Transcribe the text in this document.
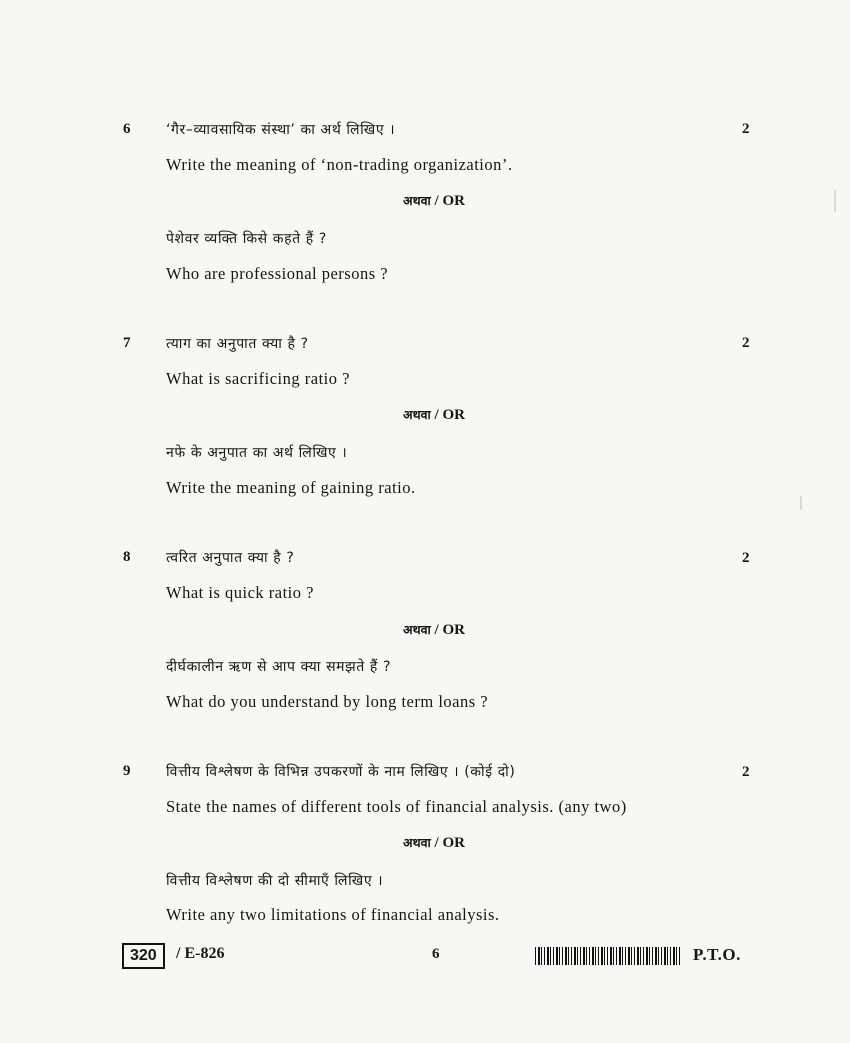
6	2
‘गैर–व्यावसायिक संस्था’ का अर्थ लिखिए ।
Write the meaning of ‘non-trading organization’.
अथवा / OR
पेशेवर व्यक्ति किसे कहते हैं ?
Who are professional persons ?
7	2
त्याग का अनुपात क्या है ?
What is sacrificing ratio ?
अथवा / OR
नफे के अनुपात का अर्थ लिखिए ।
Write the meaning of gaining ratio.
8	2
त्वरित अनुपात क्या है ?
What is quick ratio ?
अथवा / OR
दीर्घकालीन ऋण से आप क्या समझते हैं ?
What do you understand by long term loans ?
9	2
वित्तीय विश्लेषण के विभिन्न उपकरणों के नाम लिखिए । (कोई दो)
State the names of different tools of financial analysis. (any two)
अथवा / OR
वित्तीय विश्लेषण की दो सीमाएँ लिखिए ।
Write any two limitations of financial analysis.
320	/ E-826	6	P.T.O.
